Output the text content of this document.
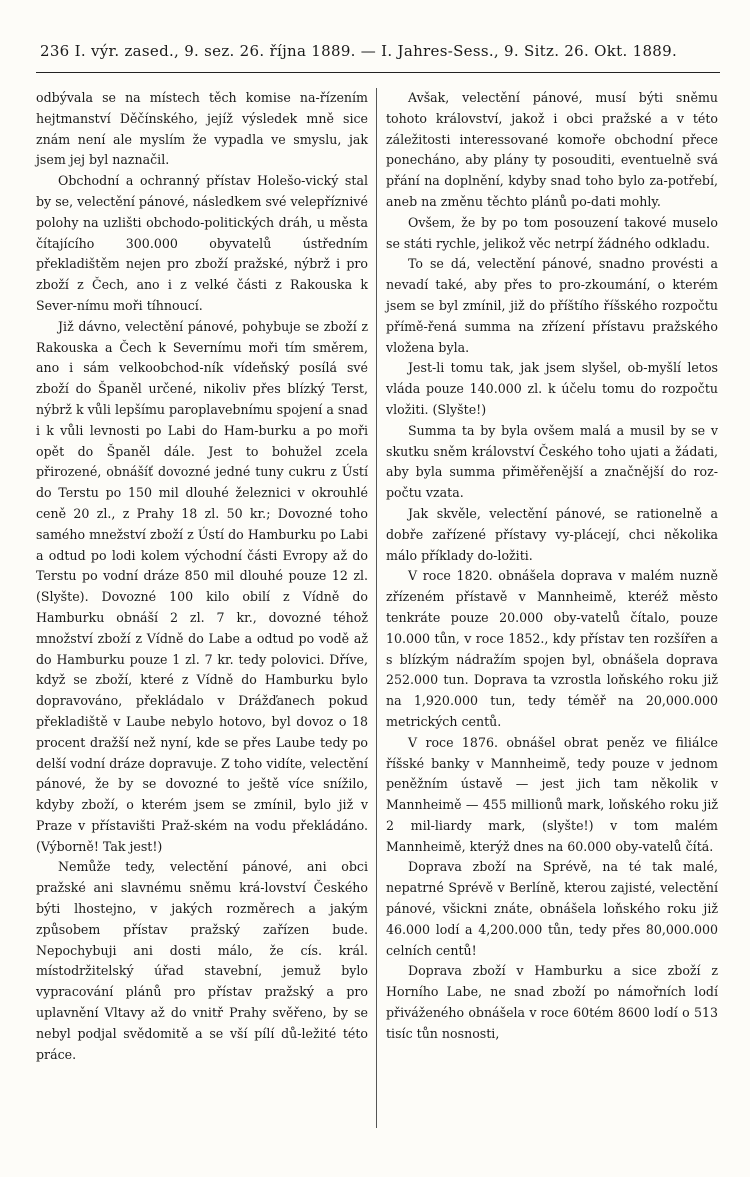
236 I. výr. zased., 9. sez. 26. října 1889. — I. Jahres-Sess., 9. Sitz. 26. Okt. 1889.

odbývala se na místech těch komise na-řízením hejtmanství Děčínského, jejíž výsledek mně sice znám není ale myslím že vypadla ve smyslu, jak jsem jej byl naznačil.

Obchodní a ochranný přístav Holešo-vický stal by se, velectění pánové, následkem své velepříznivé polohy na uzlišti obchodo-politických dráh, u města čítajícího 300.000 obyvatelů ústředním překladištěm nejen pro zboží pražské, nýbrž i pro zboží z Čech, ano i z velké části z Rakouska k Sever-nímu moři tíhnoucí.

Již dávno, velectění pánové, pohybuje se zboží z Rakouska a Čech k Severnímu moři tím směrem, ano i sám velkoobchod-ník vídeňský posílá své zboží do Španěl určené, nikoliv přes blízký Terst, nýbrž k vůli lepšímu paroplavebnímu spojení a snad i k vůli levnosti po Labi do Ham-burku a po moři opět do Španěl dále. Jest to bohužel zcela přirozené, obnášíť dovozné jedné tuny cukru z Ústí do Terstu po 150 mil dlouhé železnici v okrouhlé ceně 20 zl., z Prahy 18 zl. 50 kr.; Dovozné toho samého mnežství zboží z Ústí do Hamburku po Labi a odtud po lodi kolem východní části Evropy až do Terstu po vodní dráze 850 mil dlouhé pouze 12 zl. (Slyšte). Dovozné 100 kilo obilí z Vídně do Hamburku obnáší 2 zl. 7 kr., dovozné téhož množství zboží z Vídně do Labe a odtud po vodě až do Hamburku pouze 1 zl. 7 kr. tedy polovici. Dříve, když se zboží, které z Vídně do Hamburku bylo dopravováno, překládalo v Drážďanech pokud překladiště v Laube nebylo hotovo, byl dovoz o 18 procent dražší než nyní, kde se přes Laube tedy po delší vodní dráze dopravuje. Z toho vidíte, velectění pánové, že by se dovozné to ještě více snížilo, kdyby zboží, o kterém jsem se zmínil, bylo již v Praze v přístavišti Praž-ském na vodu překládáno. (Výborně! Tak jest!)

Nemůže tedy, velectění pánové, ani obci pražské ani slavnému sněmu krá-lovství Českého býti lhostejno, v jakých rozměrech a jakým způsobem přístav pražský zařízen bude. Nepochybuji ani dosti málo, že cís. král. místodržitelský úřad stavební, jemuž bylo vypracování plánů pro přístav pražský a pro uplavnění Vltavy až do vnitř Prahy svěřeno, by se nebyl podjal svědomitě a se vší pílí dů-ležité této práce.

Avšak, velectění pánové, musí býti sněmu tohoto království, jakož i obci pražské a v této záležitosti interessované komoře obchodní přece ponecháno, aby plány ty posouditi, eventuelně svá přání na doplnění, kdyby snad toho bylo za-potřebí, aneb na změnu těchto plánů po-dati mohly.

Ovšem, že by po tom posouzení takové muselo se státi rychle, jelikož věc netrpí žádného odkladu.

To se dá, velectění pánové, snadno provésti a nevadí také, aby přes to pro-zkoumání, o kterém jsem se byl zmínil, již do příštího říšského rozpočtu přímě-řená summa na zřízení přístavu pražského vložena byla.

Jest-li tomu tak, jak jsem slyšel, ob-myšlí letos vláda pouze 140.000 zl. k účelu tomu do rozpočtu vložiti. (Slyšte!)

Summa ta by byla ovšem malá a musil by se v skutku sněm království Českého toho ujati a žádati, aby byla summa přiměřenější a značnější do roz-počtu vzata.

Jak skvěle, velectění pánové, se rationelně a dobře zařízené přístavy vy-plácejí, chci několika málo příklady do-ložiti.

V roce 1820. obnášela doprava v malém nuzně zřízeném přístavě v Mannheimě, kteréž město tenkráte pouze 20.000 oby-vatelů čítalo, pouze 10.000 tůn, v roce 1852., kdy přístav ten rozšířen a s blízkým nádražím spojen byl, obnášela doprava 252.000 tun. Doprava ta vzrostla loňského roku již na 1,920.000 tun, tedy téměř na 20,000.000 metrických centů.

V roce 1876. obnášel obrat peněz ve filiálce říšské banky v Mannheimě, tedy pouze v jednom peněžním ústavě — jest jich tam několik v Mannheimě — 455 millionů mark, loňského roku již 2 mil-liardy mark, (slyšte!) v tom malém Mannheimě, kterýž dnes na 60.000 oby-vatelů čítá.

Doprava zboží na Sprévě, na té tak malé, nepatrné Sprévě v Berlíně, kterou zajisté, velectění pánové, všickni znáte, obnášela loňského roku již 46.000 lodí a 4,200.000 tůn, tedy přes 80,000.000 celních centů!

Doprava zboží v Hamburku a sice zboží z Horního Labe, ne snad zboží po námořních lodí přiváženého obnášela v roce 60tém 8600 lodí o 513 tisíc tůn nosnosti,
